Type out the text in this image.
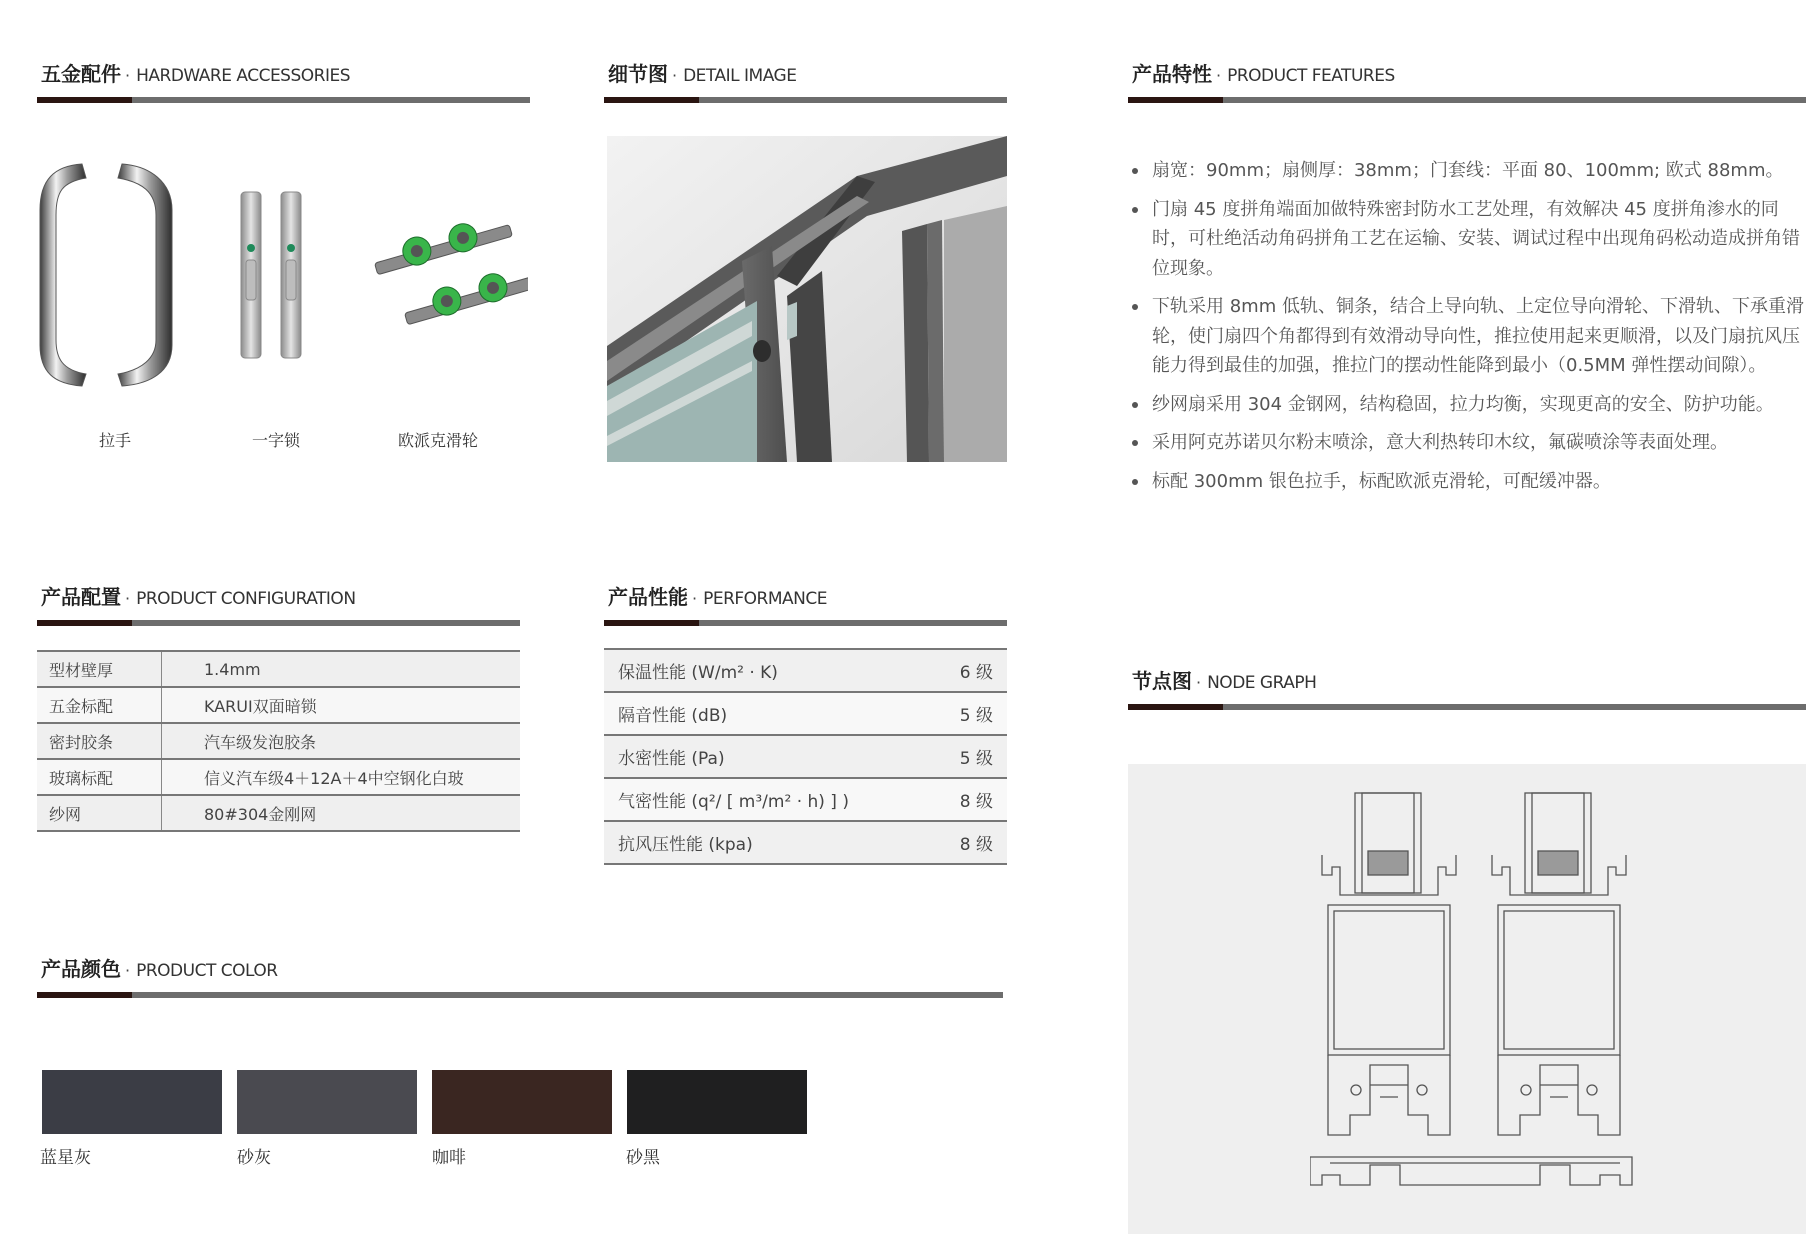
五金配件 · HARDWARE ACCESSORIES
拉手	一字锁	欧派克滑轮
细节图 · DETAIL IMAGE	产品特性 · PRODUCT FEATURES
扇宽：90mm；扇侧厚：38mm；门套线：平面 80、100mm; 欧式 88mm。
门扇 45 度拼角端面加做特殊密封防水工艺处理，有效解决 45 度拼角渗水的同时，可杜绝活动角码拼角工艺在运输、安装、调试过程中出现角码松动造成拼角错位现象。
下轨采用 8mm 低轨、铜条，结合上导向轨、上定位导向滑轮、下滑轨、下承重滑轮，使门扇四个角都得到有效滑动导向性，推拉使用起来更顺滑，以及门扇抗风压能力得到最佳的加强，推拉门的摆动性能降到最小（0.5MM 弹性摆动间隙）。
纱网扇采用 304 金钢网，结构稳固，拉力均衡，实现更高的安全、防护功能。
采用阿克苏诺贝尔粉末喷涂，意大利热转印木纹，氟碳喷涂等表面处理。
标配 300mm 银色拉手，标配欧派克滑轮，可配缓冲器。
产品配置 · PRODUCT CONFIGURATION
型材壁厚	1.4mm
五金标配	KARUI双面暗锁
密封胶条	汽车级发泡胶条
玻璃标配	信义汽车级4＋12A＋4中空钢化白玻
纱网	80#304金刚网
产品性能 · PERFORMANCE
保温性能 (W/m² · K)	6 级
隔音性能 (dB)	5 级
水密性能 (Pa)	5 级
气密性能 (q²/ [ m³/m² · h) ] )	8 级
抗风压性能 (kpa)	8 级
产品颜色 · PRODUCT COLOR
蓝星灰	砂灰	咖啡	砂黑
节点图 · NODE GRAPH
